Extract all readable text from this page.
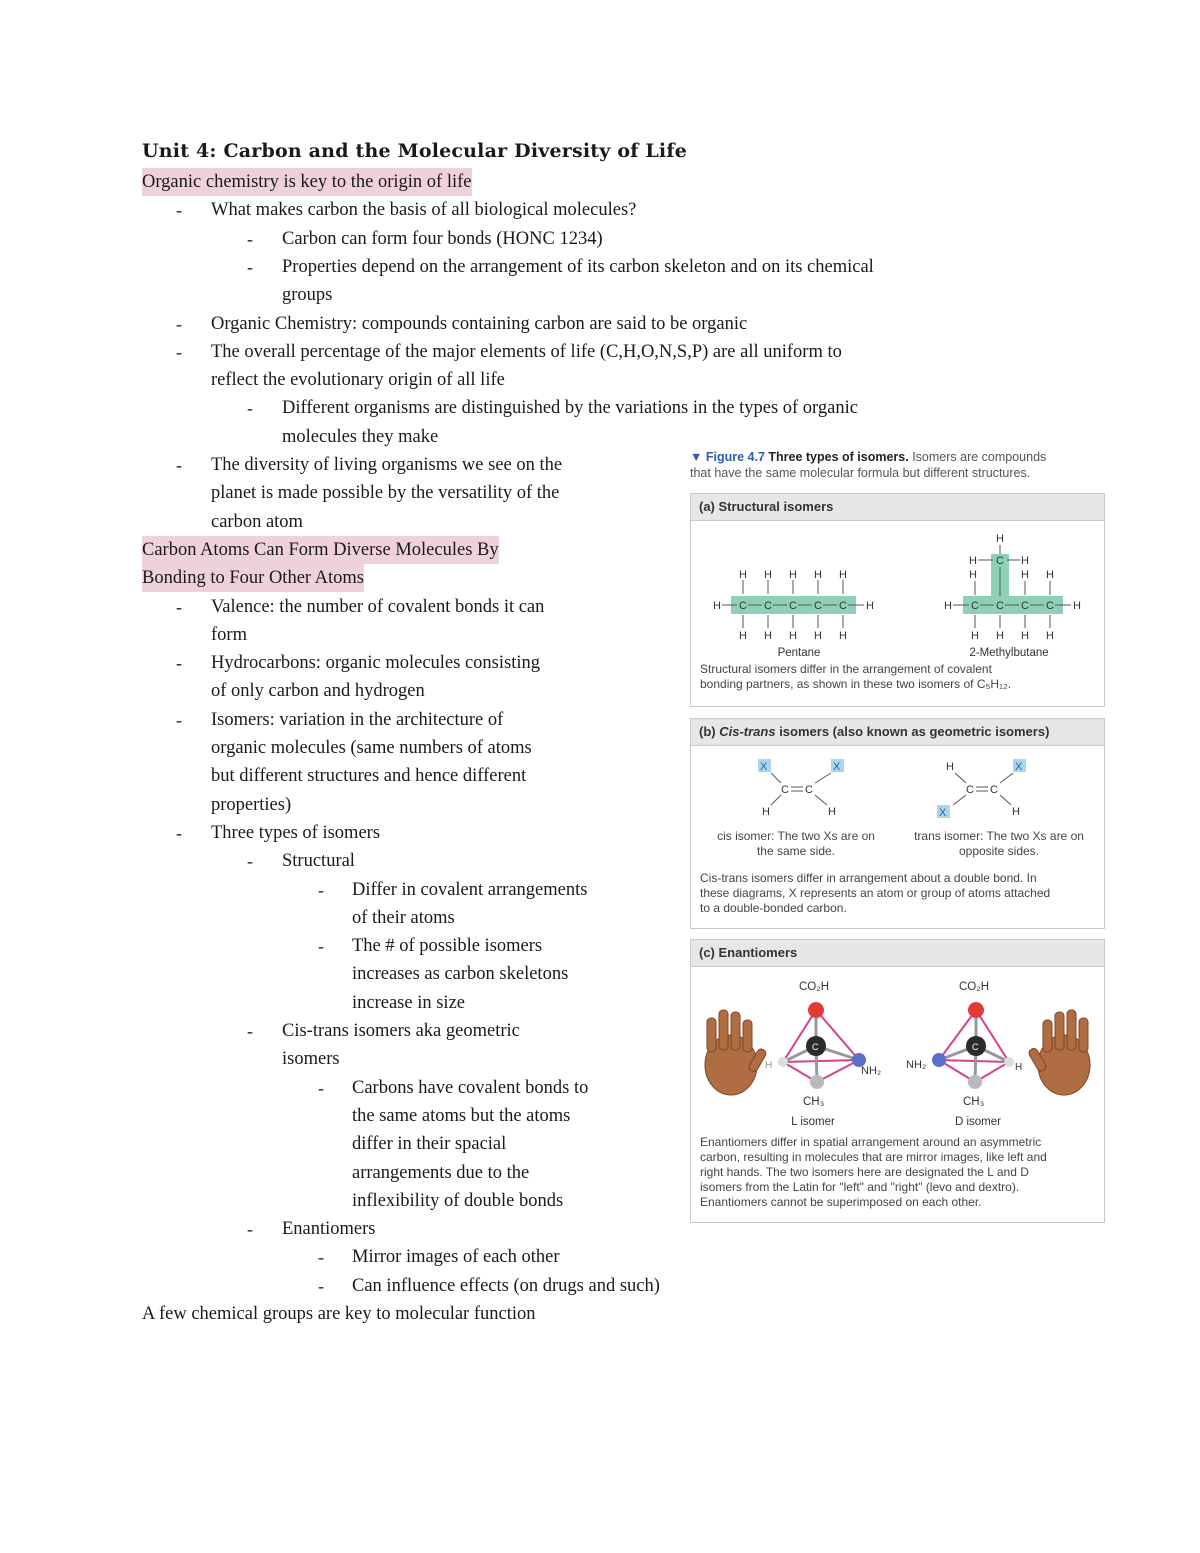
Unit 4: Carbon and the Molecular Diversity of Life
Organic chemistry is key to the origin of life
- What makes carbon the basis of all biological molecules?
- Carbon can form four bonds (HONC 1234)
- Properties depend on the arrangement of its carbon skeleton and on its chemical
groups
- Organic Chemistry: compounds containing carbon are said to be organic
- The overall percentage of the major elements of life (C,H,O,N,S,P) are all uniform to
reflect the evolutionary origin of all life
- Different organisms are distinguished by the variations in the types of organic
molecules they make
- The diversity of living organisms we see on the
planet is made possible by the versatility of the
carbon atom
Carbon Atoms Can Form Diverse Molecules By
Bonding to Four Other Atoms
- Valence: the number of covalent bonds it can
form
- Hydrocarbons: organic molecules consisting
of only carbon and hydrogen
- Isomers: variation in the architecture of
organic molecules (same numbers of atoms
but different structures and hence different
properties)
- Three types of isomers
- Structural
- Differ in covalent arrangements
of their atoms
- The # of possible isomers
increases as carbon skeletons
increase in size
- Cis-trans isomers aka geometric
isomers
- Carbons have covalent bonds to
the same atoms but the atoms
differ in their spacial
arrangements due to the
inflexibility of double bonds
- Enantiomers
- Mirror images of each other
- Can influence effects (on drugs and such)
A few chemical groups are key to molecular function
▼ Figure 4.7 Three types of isomers. Isomers are compounds
that have the same molecular formula but different structures.
(a) Structural isomers
H C C C C C H
H H H H H
H H H H H
H
H C H
H	H H
H C C C C H
H H H H
Pentane	2-Methylbutane
Structural isomers differ in the arrangement of covalent
bonding partners, as shown in these two isomers of C₅H₁₂.
(b) Cis-trans isomers (also known as geometric isomers)
X	X
C C
H	H
H	X
C C
X	H
cis isomer: The two Xs are on
the same side.
trans isomer: The two Xs are on
opposite sides.
Cis-trans isomers differ in arrangement about a double bond. In
these diagrams, X represents an atom or group of atoms attached
to a double-bonded carbon.
(c) Enantiomers
C
CO₂H
CH₃
NH₂
H
C
CO₂H
CH₃
NH₂	H
L isomer	D isomer
Enantiomers differ in spatial arrangement around an asymmetric
carbon, resulting in molecules that are mirror images, like left and
right hands. The two isomers here are designated the L and D
isomers from the Latin for "left" and "right" (levo and dextro).
Enantiomers cannot be superimposed on each other.
